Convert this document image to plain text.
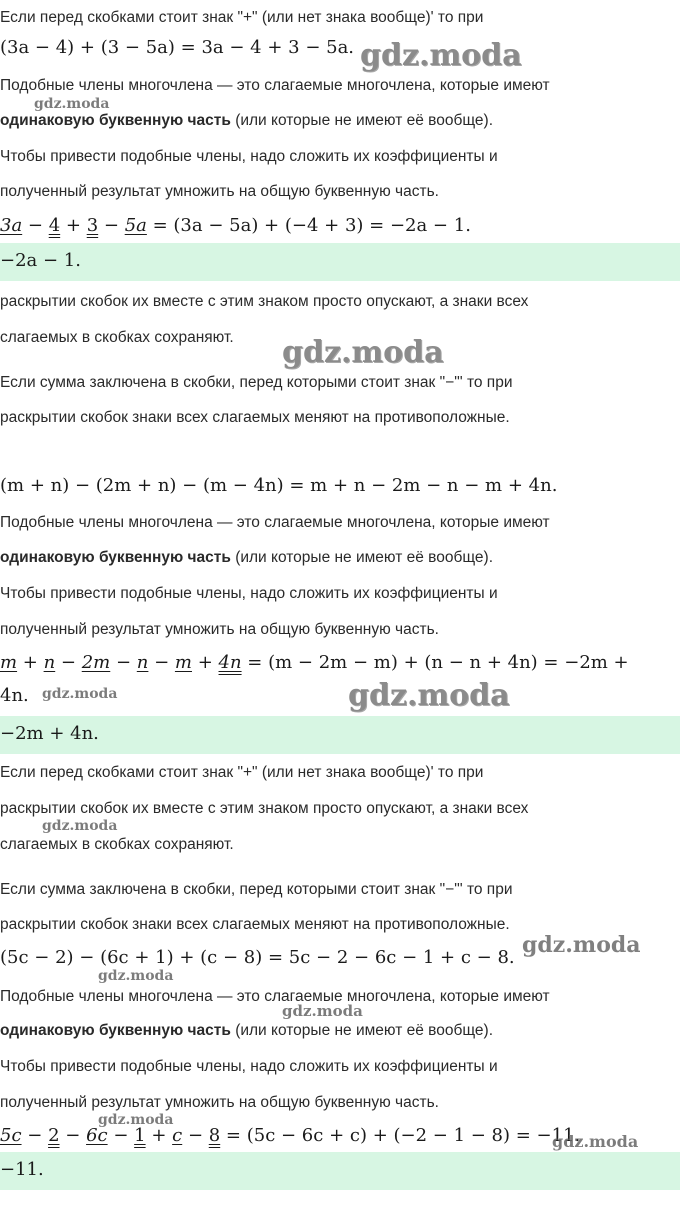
Если перед скобками стоит знак "+" (или нет знака вообще)' то при
(3a − 4) + (3 − 5a) = 3a − 4 + 3 − 5a. gdz.moda
Подобные члены многочлена — это слагаемые многочлена, которые имеют
gdz.moda
одинаковую буквенную часть (или которые не имеют её вообще).
Чтобы привести подобные члены, надо сложить их коэффициенты и
полученный результат умножить на общую буквенную часть.
3a − 4 + 3 − 5a = (3a − 5a) + (−4 + 3) = −2a − 1.
−2a − 1.
раскрытии скобок их вместе с этим знаком просто опускают, а знаки всех
слагаемых в скобках сохраняют. gdz.moda
Если сумма заключена в скобки, перед которыми стоит знак "−"' то при
раскрытии скобок знаки всех слагаемых меняют на противоположные.
(m + n) − (2m + n) − (m − 4n) = m + n − 2m − n − m + 4n.
Подобные члены многочлена — это слагаемые многочлена, которые имеют
одинаковую буквенную часть (или которые не имеют её вообще).
Чтобы привести подобные члены, надо сложить их коэффициенты и
полученный результат умножить на общую буквенную часть.
m + n − 2m − n − m + 4n = (m − 2m − m) + (n − n + 4n) = −2m +
4n. gdz.moda	gdz.moda
−2m + 4n.
Если перед скобками стоит знак "+" (или нет знака вообще)' то при
раскрытии скобок их вместе с этим знаком просто опускают, а знаки всех
gdz.moda
слагаемых в скобках сохраняют.
Если сумма заключена в скобки, перед которыми стоит знак "−"' то при
раскрытии скобок знаки всех слагаемых меняют на противоположные.
(5c − 2) − (6c + 1) + (c − 8) = 5c − 2 − 6c − 1 + c − 8. gdz.moda
gdz.moda
Подобные члены многочлена — это слагаемые многочлена, которые имеют
gdz.moda
одинаковую буквенную часть (или которые не имеют её вообще).
Чтобы привести подобные члены, надо сложить их коэффициенты и
полученный результат умножить на общую буквенную часть.
gdz.moda
5c − 2 − 6c − 1 + c − 8 = (5c − 6c + c) + (−2 − 1 − 8) = −11.
gdz.moda
−11.
